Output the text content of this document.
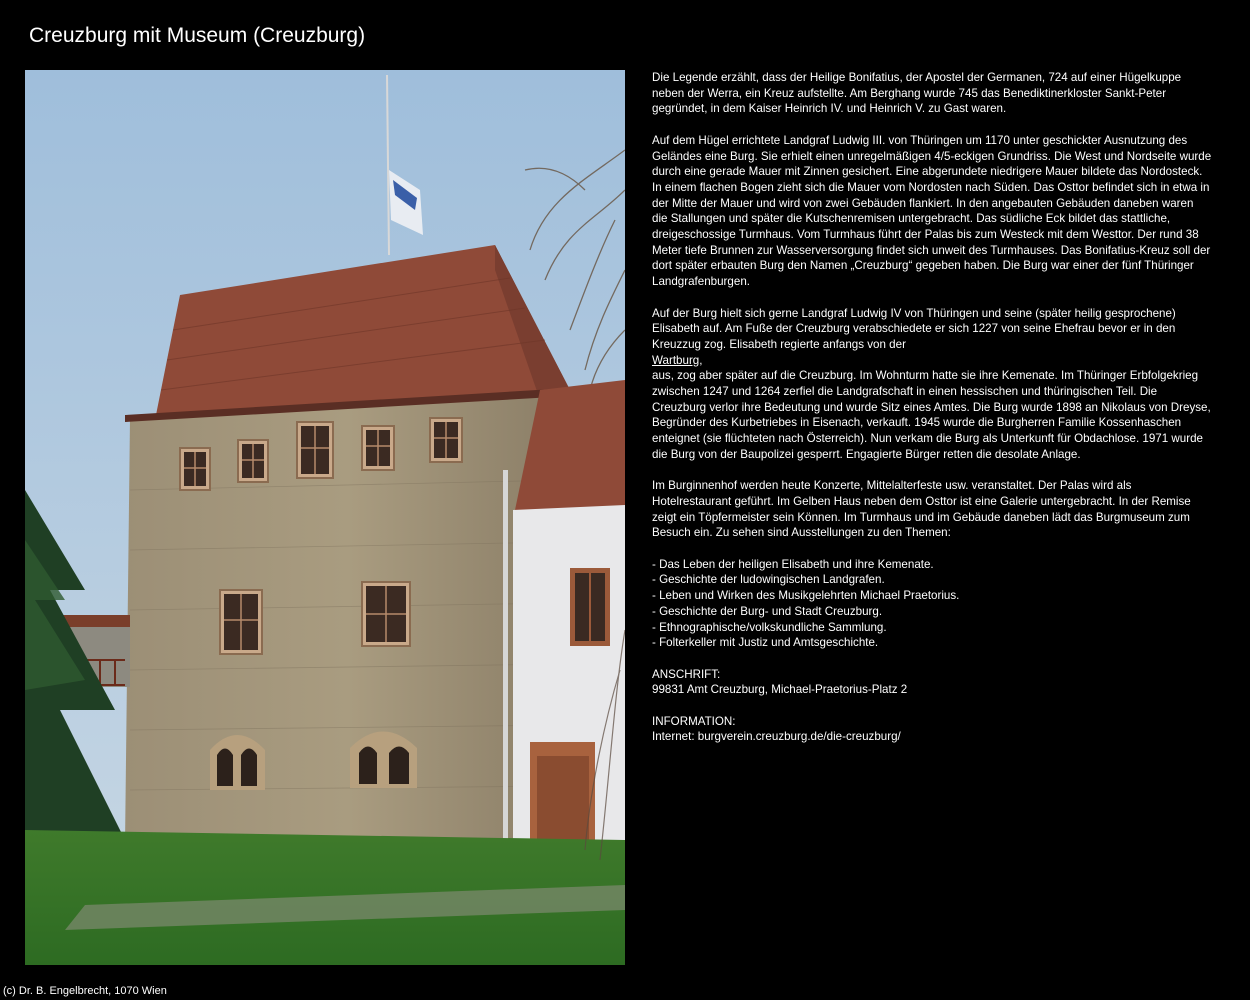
Creuzburg mit Museum (Creuzburg)

Die Legende erzählt, dass der Heilige Bonifatius, der Apostel der Germanen, 724 auf einer Hügelkuppe neben der Werra, ein Kreuz aufstellte. Am Berghang wurde 745 das Benediktinerkloster Sankt-Peter gegründet, in dem Kaiser Heinrich IV. und Heinrich V. zu Gast waren.

Auf dem Hügel errichtete Landgraf Ludwig III. von Thüringen um 1170 unter geschickter Ausnutzung des Geländes eine Burg. Sie erhielt einen unregelmäßigen 4/5-eckigen Grundriss. Die West und Nordseite wurde durch eine gerade Mauer mit Zinnen gesichert. Eine abgerundete niedrigere Mauer bildete das Nordosteck. In einem flachen Bogen zieht sich die Mauer vom Nordosten nach Süden. Das Osttor befindet sich in etwa in der Mitte der Mauer und wird von zwei Gebäuden flankiert. In den angebauten Gebäuden daneben waren die Stallungen und später die Kutschenremisen untergebracht. Das südliche Eck bildet das stattliche, dreigeschossige Turmhaus. Vom Turmhaus führt der Palas bis zum Westeck mit dem Westtor. Der rund 38 Meter tiefe Brunnen zur Wasserversorgung findet sich unweit des Turmhauses. Das Bonifatius-Kreuz soll der dort später erbauten Burg den Namen „Creuzburg“ gegeben haben. Die Burg war einer der fünf Thüringer Landgrafenburgen.

Auf der Burg hielt sich gerne Landgraf Ludwig IV von Thüringen und seine (später heilig gesprochene) Elisabeth auf. Am Fuße der Creuzburg verabschiedete er sich 1227 von seine Ehefrau bevor er in den Kreuzzug zog. Elisabeth regierte anfangs von der
Wartburg,
aus, zog aber später auf die Creuzburg. Im Wohnturm hatte sie ihre Kemenate. Im Thüringer Erbfolgekrieg zwischen 1247 und 1264 zerfiel die Landgrafschaft in einen hessischen und thüringischen Teil. Die Creuzburg verlor ihre Bedeutung und wurde Sitz eines Amtes. Die Burg wurde 1898 an Nikolaus von Dreyse, Begründer des Kurbetriebes in Eisenach, verkauft. 1945 wurde die Burgherren Familie Kossenhaschen enteignet (sie flüchteten nach Österreich). Nun verkam die Burg als Unterkunft für Obdachlose. 1971 wurde die Burg von der Baupolizei gesperrt. Engagierte Bürger retten die desolate Anlage.

Im Burginnenhof werden heute Konzerte, Mittelalterfeste usw. veranstaltet. Der Palas wird als Hotelrestaurant geführt. Im Gelben Haus neben dem Osttor ist eine Galerie untergebracht. In der Remise zeigt ein Töpfermeister sein Können. Im Turmhaus und im Gebäude daneben lädt das Burgmuseum zum Besuch ein. Zu sehen sind Ausstellungen zu den Themen:

- Das Leben der heiligen Elisabeth und ihre Kemenate.
- Geschichte der ludowingischen Landgrafen.
- Leben und Wirken des Musikgelehrten Michael Praetorius.
- Geschichte der Burg- und Stadt Creuzburg.
- Ethnographische/volkskundliche Sammlung.
- Folterkeller mit Justiz und Amtsgeschichte.

ANSCHRIFT:
99831 Amt Creuzburg, Michael-Praetorius-Platz 2

INFORMATION:
Internet: burgverein.creuzburg.de/die-creuzburg/

(c) Dr. B. Engelbrecht, 1070 Wien
